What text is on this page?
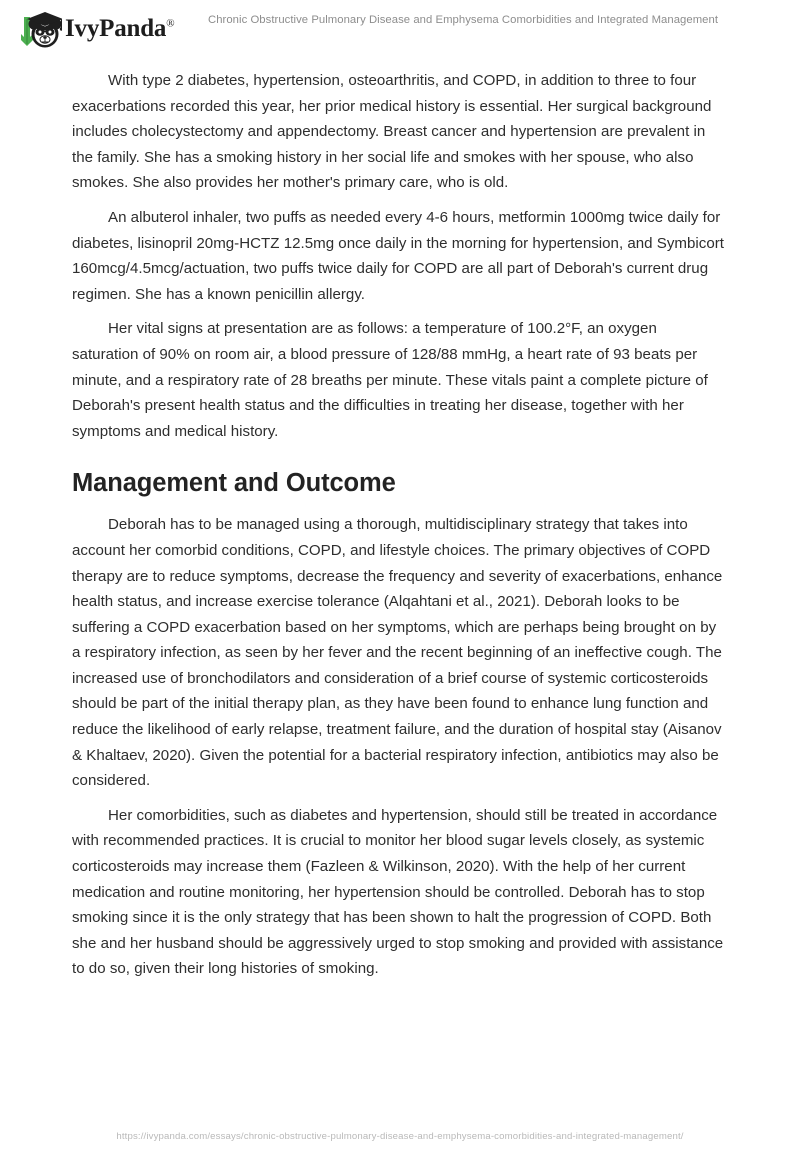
IvyPanda®	Chronic Obstructive Pulmonary Disease and Emphysema Comorbidities and Integrated Management

With type 2 diabetes, hypertension, osteoarthritis, and COPD, in addition to three to four exacerbations recorded this year, her prior medical history is essential. Her surgical background includes cholecystectomy and appendectomy. Breast cancer and hypertension are prevalent in the family. She has a smoking history in her social life and smokes with her spouse, who also smokes. She also provides her mother's primary care, who is old.

An albuterol inhaler, two puffs as needed every 4-6 hours, metformin 1000mg twice daily for diabetes, lisinopril 20mg-HCTZ 12.5mg once daily in the morning for hypertension, and Symbicort 160mcg/4.5mcg/actuation, two puffs twice daily for COPD are all part of Deborah's current drug regimen. She has a known penicillin allergy.

Her vital signs at presentation are as follows: a temperature of 100.2°F, an oxygen saturation of 90% on room air, a blood pressure of 128/88 mmHg, a heart rate of 93 beats per minute, and a respiratory rate of 28 breaths per minute. These vitals paint a complete picture of Deborah's present health status and the difficulties in treating her disease, together with her symptoms and medical history.

Management and Outcome

Deborah has to be managed using a thorough, multidisciplinary strategy that takes into account her comorbid conditions, COPD, and lifestyle choices. The primary objectives of COPD therapy are to reduce symptoms, decrease the frequency and severity of exacerbations, enhance health status, and increase exercise tolerance (Alqahtani et al., 2021). Deborah looks to be suffering a COPD exacerbation based on her symptoms, which are perhaps being brought on by a respiratory infection, as seen by her fever and the recent beginning of an ineffective cough. The increased use of bronchodilators and consideration of a brief course of systemic corticosteroids should be part of the initial therapy plan, as they have been found to enhance lung function and reduce the likelihood of early relapse, treatment failure, and the duration of hospital stay (Aisanov & Khaltaev, 2020). Given the potential for a bacterial respiratory infection, antibiotics may also be considered.

Her comorbidities, such as diabetes and hypertension, should still be treated in accordance with recommended practices. It is crucial to monitor her blood sugar levels closely, as systemic corticosteroids may increase them (Fazleen & Wilkinson, 2020). With the help of her current medication and routine monitoring, her hypertension should be controlled. Deborah has to stop smoking since it is the only strategy that has been shown to halt the progression of COPD. Both she and her husband should be aggressively urged to stop smoking and provided with assistance to do so, given their long histories of smoking.

https://ivypanda.com/essays/chronic-obstructive-pulmonary-disease-and-emphysema-comorbidities-and-integrated-management/
